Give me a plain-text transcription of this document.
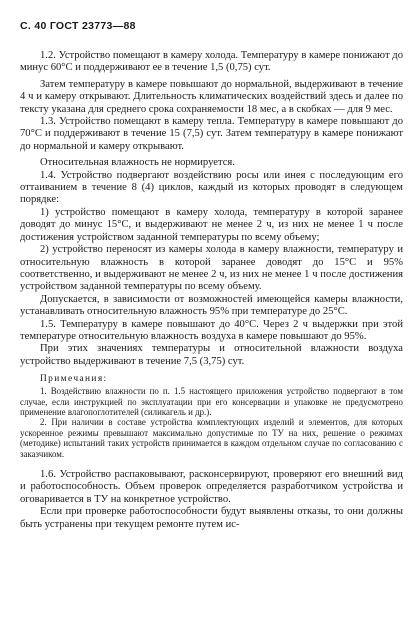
С. 40 ГОСТ 23773—88

1.2. Устройство помещают в камеру холода. Температуру в камере понижают до минус 60°С и поддерживают ее в течение 1,5 (0,75) сут.

Затем температуру в камере повышают до нормальной, выдерживают в течение 4 ч и камеру открывают. Длительность климатических воздействий здесь и далее по тексту указана для среднего срока сохраняемости 18 мес, а в скобках — для 9 мес.

1.3. Устройство помещают в камеру тепла. Температуру в камере повышают до 70°С и поддерживают в течение 15 (7,5) сут. Затем температуру в камере понижают до нормальной и камеру открывают.

Относительная влажность не нормируется.

1.4. Устройство подвергают воздействию росы или инея с последующим его оттаиванием в течение 8 (4) циклов, каждый из которых проводят в следующем порядке:

1) устройство помещают в камеру холода, температуру в которой заранее доводят до минус 15°С, и выдерживают не менее 2 ч, из них не менее 1 ч после достижения устройством заданной температуры по всему объему;

2) устройство переносят из камеры холода в камеру влажности, температуру и относительную влажность в которой заранее доводят до 15°С и 95% соответственно, и выдерживают не менее 2 ч, из них не менее 1 ч после достижения устройством заданной температуры по всему объему.

Допускается, в зависимости от возможностей имеющейся камеры влажности, устанавливать относительную влажность 95% при температуре до 25°С.

1.5. Температуру в камере повышают до 40°С. Через 2 ч выдержки при этой температуре относительную влажность воздуха в камере повышают до 95%.

При этих значениях температуры и относительной влажности воздуха устройство выдерживают в течение 7,5 (3,75) сут.

Примечания:

1. Воздействию влажности по п. 1.5 настоящего приложения устройство подвергают в том случае, если инструкцией по эксплуатации при его консервации и упаковке не предусмотрено применение влагопоглотителей (силикагель и др.).

2. При наличии в составе устройства комплектующих изделий и элементов, для которых ускоренное режимы превышают максимально допустимые по ТУ на них, решение о режимах (методике) испытаний таких устройств принимается в каждом отдельном случае по согласованию с заказчиком.

1.6. Устройство распаковывают, расконсервируют, проверяют его внешний вид и работоспособность. Объем проверок определяется разработчиком устройства и оговаривается в ТУ на конкретное устройство.

Если при проверке работоспособности будут выявлены отказы, то они должны быть устранены при текущем ремонте путем ис-
